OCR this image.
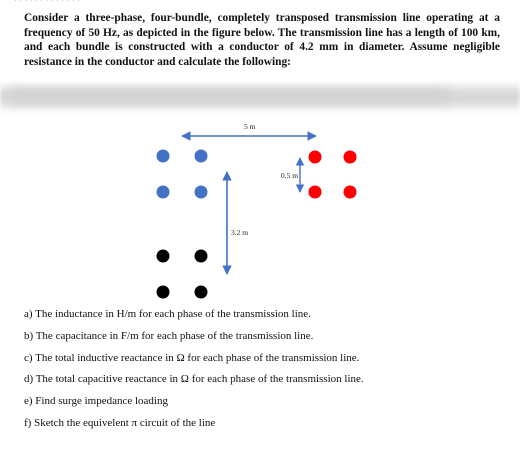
Consider a three-phase, four-bundle, completely transposed transmission line operating at a frequency of 50 Hz, as depicted in the figure below. The transmission line has a length of 100 km, and each bundle is constructed with a conductor of 4.2 mm in diameter. Assume negligible resistance in the conductor and calculate the following:

5 m
0.5 m
3.2 m
a) The inductance in H/m for each phase of the transmission line.
b) The capacitance in F/m for each phase of the transmission line.
c) The total inductive reactance in Ω for each phase of the transmission line.
d) The total capacitive reactance in Ω for each phase of the transmission line.
e) Find surge impedance loading
f) Sketch the equivelent π circuit of the line
